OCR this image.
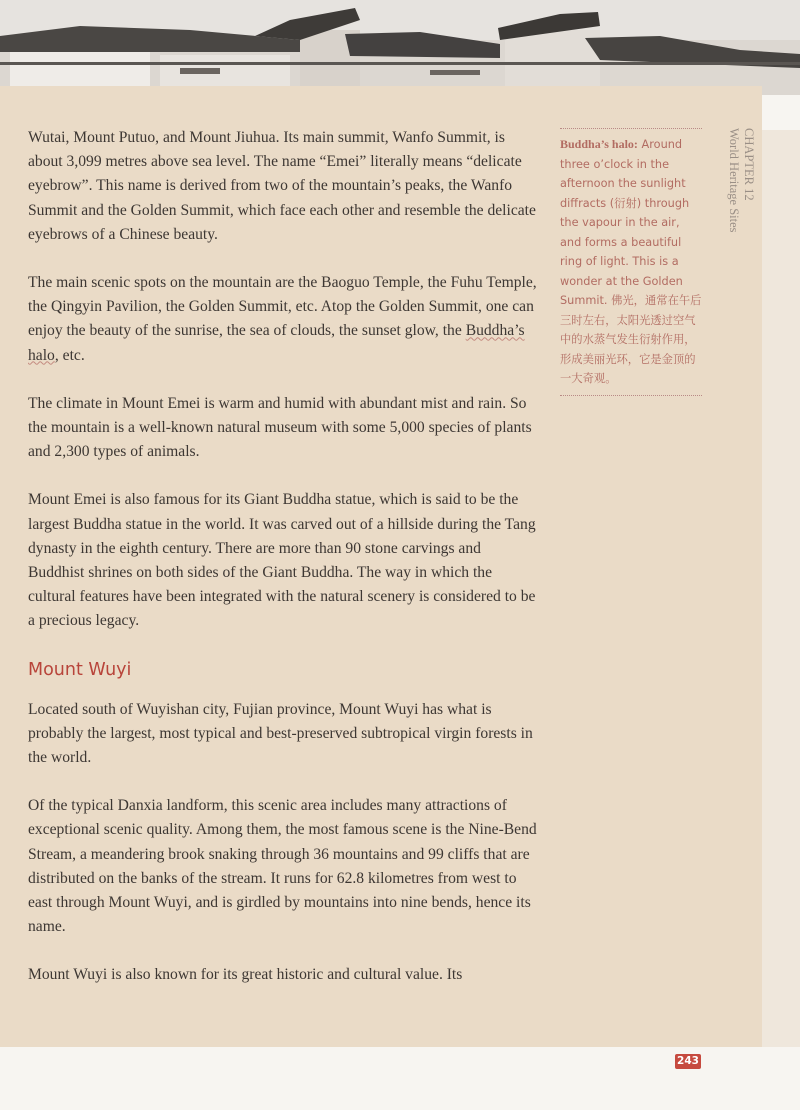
Wutai, Mount Putuo, and Mount Jiuhua. Its main summit, Wanfo Summit, is about 3,099 metres above sea level. The name “Emei” literally means “delicate eyebrow”. This name is derived from two of the mountain’s peaks, the Wanfo Summit and the Golden Summit, which face each other and resemble the delicate eyebrows of a Chinese beauty.

The main scenic spots on the mountain are the Baoguo Temple, the Fuhu Temple, the Qingyin Pavilion, the Golden Summit, etc. Atop the Golden Summit, one can enjoy the beauty of the sunrise, the sea of clouds, the sunset glow, the Buddha’s halo, etc.

The climate in Mount Emei is warm and humid with abundant mist and rain. So the mountain is a well-known natural museum with some 5,000 species of plants and 2,300 types of animals.

Mount Emei is also famous for its Giant Buddha statue, which is said to be the largest Buddha statue in the world. It was carved out of a hillside during the Tang dynasty in the eighth century. There are more than 90 stone carvings and Buddhist shrines on both sides of the Giant Buddha. The way in which the cultural features have been integrated with the natural scenery is considered to be a precious legacy.

Mount Wuyi

Located south of Wuyishan city, Fujian province, Mount Wuyi has what is probably the largest, most typical and best-preserved subtropical virgin forests in the world.

Of the typical Danxia landform, this scenic area includes many attractions of exceptional scenic quality. Among them, the most famous scene is the Nine-Bend Stream, a meandering brook snaking through 36 mountains and 99 cliffs that are distributed on the banks of the stream. It runs for 62.8 kilometres from west to east through Mount Wuyi, and is girdled by mountains into nine bends, hence its name.

Mount Wuyi is also known for its great historic and cultural value. Its

Buddha’s halo: Around three o’clock in the afternoon the sunlight diffracts (衍射) through the vapour in the air, and forms a beautiful ring of light. This is a wonder at the Golden Summit. 佛光，通常在午后三时左右，太阳光透过空气中的水蒸气发生衍射作用，形成美丽光环，它是金顶的一大奇观。
CHAPTER 12
World Heritage Sites
243
